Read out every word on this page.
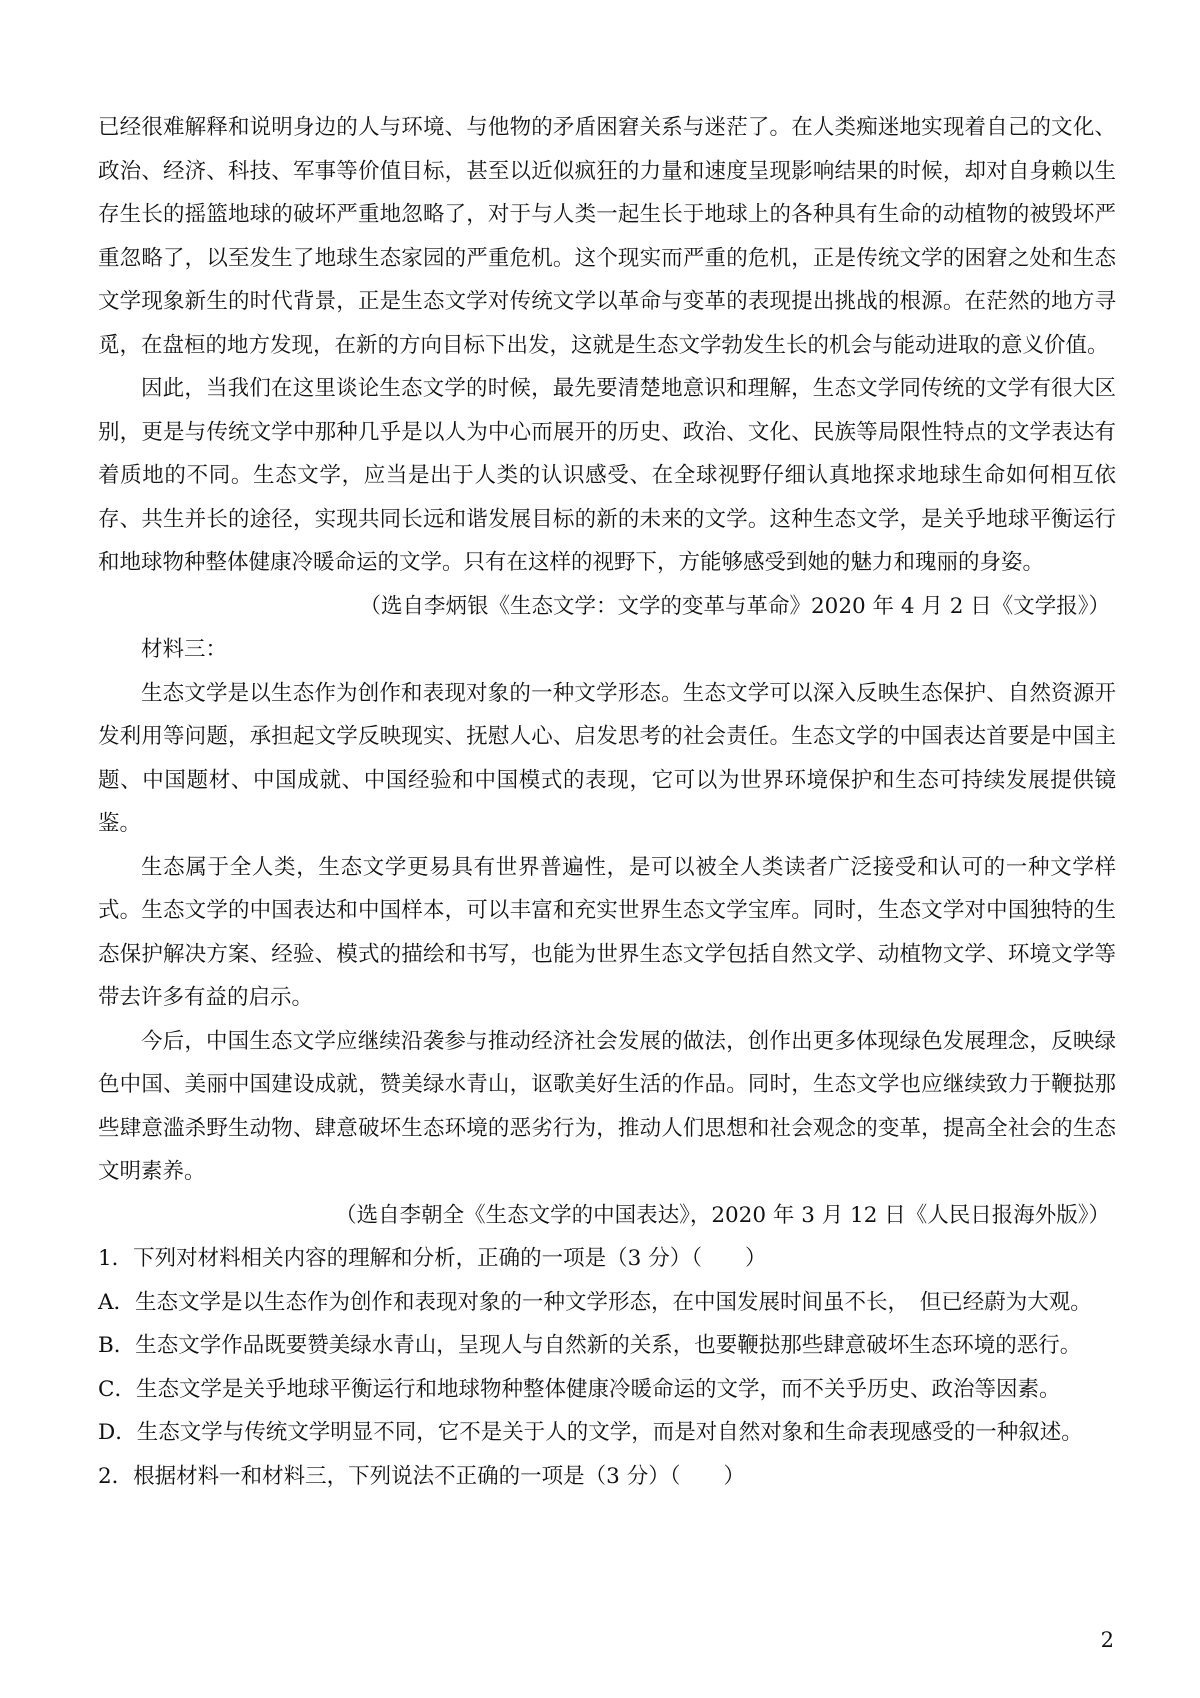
已经很难解释和说明身边的人与环境、与他物的矛盾困窘关系与迷茫了。在人类痴迷地实现着自己的文化、政治、经济、科技、军事等价值目标，甚至以近似疯狂的力量和速度呈现影响结果的时候，却对自身赖以生存生长的摇篮地球的破坏严重地忽略了，对于与人类一起生长于地球上的各种具有生命的动植物的被毁坏严重忽略了，以至发生了地球生态家园的严重危机。这个现实而严重的危机，正是传统文学的困窘之处和生态文学现象新生的时代背景，正是生态文学对传统文学以革命与变革的表现提出挑战的根源。在茫然的地方寻觅，在盘桓的地方发现，在新的方向目标下出发，这就是生态文学勃发生长的机会与能动进取的意义价值。

因此，当我们在这里谈论生态文学的时候，最先要清楚地意识和理解，生态文学同传统的文学有很大区别，更是与传统文学中那种几乎是以人为中心而展开的历史、政治、文化、民族等局限性特点的文学表达有着质地的不同。生态文学，应当是出于人类的认识感受、在全球视野仔细认真地探求地球生命如何相互依存、共生并长的途径，实现共同长远和谐发展目标的新的未来的文学。这种生态文学，是关乎地球平衡运行和地球物种整体健康冷暖命运的文学。只有在这样的视野下，方能够感受到她的魅力和瑰丽的身姿。

（选自李炳银《生态文学：文学的变革与革命》2020 年 4 月 2 日《文学报》）

材料三：

生态文学是以生态作为创作和表现对象的一种文学形态。生态文学可以深入反映生态保护、自然资源开发利用等问题，承担起文学反映现实、抚慰人心、启发思考的社会责任。生态文学的中国表达首要是中国主题、中国题材、中国成就、中国经验和中国模式的表现，它可以为世界环境保护和生态可持续发展提供镜鉴。

生态属于全人类，生态文学更易具有世界普遍性，是可以被全人类读者广泛接受和认可的一种文学样式。生态文学的中国表达和中国样本，可以丰富和充实世界生态文学宝库。同时，生态文学对中国独特的生态保护解决方案、经验、模式的描绘和书写，也能为世界生态文学包括自然文学、动植物文学、环境文学等带去许多有益的启示。

今后，中国生态文学应继续沿袭参与推动经济社会发展的做法，创作出更多体现绿色发展理念，反映绿色中国、美丽中国建设成就，赞美绿水青山，讴歌美好生活的作品。同时，生态文学也应继续致力于鞭挞那些肆意滥杀野生动物、肆意破坏生态环境的恶劣行为，推动人们思想和社会观念的变革，提高全社会的生态文明素养。

（选自李朝全《生态文学的中国表达》，2020 年 3 月 12 日《人民日报海外版》）

1．下列对材料相关内容的理解和分析，正确的一项是（3 分）（　　）

A．生态文学是以生态作为创作和表现对象的一种文学形态，在中国发展时间虽不长，　但已经蔚为大观。

B．生态文学作品既要赞美绿水青山，呈现人与自然新的关系，也要鞭挞那些肆意破坏生态环境的恶行。

C．生态文学是关乎地球平衡运行和地球物种整体健康冷暖命运的文学，而不关乎历史、政治等因素。

D．生态文学与传统文学明显不同，它不是关于人的文学，而是对自然对象和生命表现感受的一种叙述。

2．根据材料一和材料三，下列说法不正确的一项是（3 分）（　　）

2
